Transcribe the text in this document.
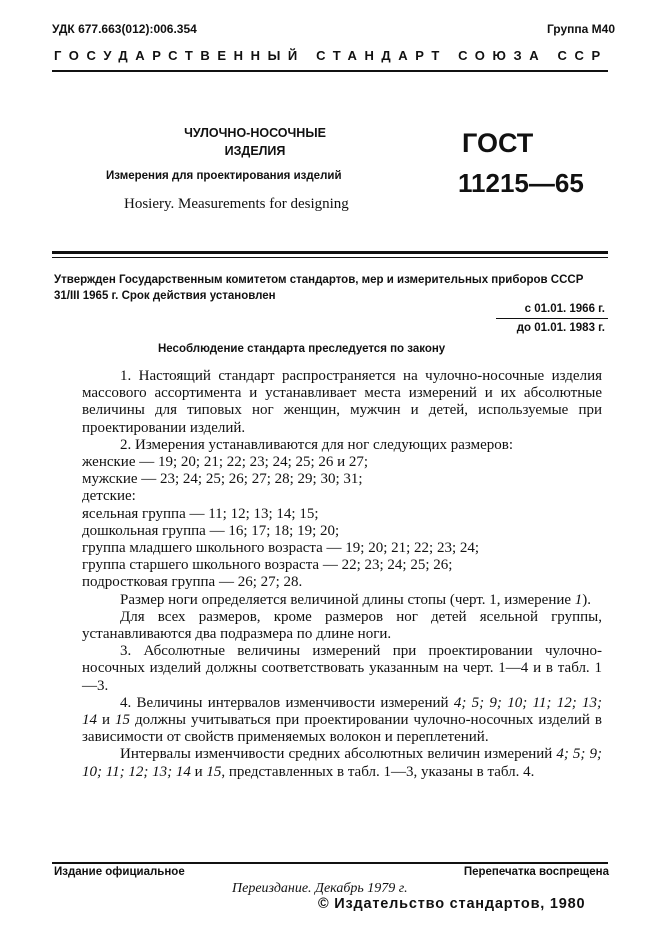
УДК 677.663(012):006.354	Группа М40
ГОСУДАРСТВЕННЫЙ СТАНДАРТ СОЮЗА ССР
ЧУЛОЧНО-НОСОЧНЫЕ
ИЗДЕЛИЯ
Измерения для проектирования изделий
Hosiery. Measurements for designing
ГОСТ
11215—65
Утвержден Государственным комитетом стандартов, мер и измерительных приборов СССР 31/III 1965 г. Срок действия установлен
с 01.01. 1966 г.
до 01.01. 1983 г.
Несоблюдение стандарта преследуется по закону

1. Настоящий стандарт распространяется на чулочно-носочные изделия массового ассортимента и устанавливает места измерений и их абсолютные величины для типовых ног женщин, мужчин и детей, используемые при проектировании изделий.

2. Измерения устанавливаются для ног следующих размеров:

женские — 19; 20; 21; 22; 23; 24; 25; 26 и 27;

мужские — 23; 24; 25; 26; 27; 28; 29; 30; 31;

детские:

ясельная группа — 11; 12; 13; 14; 15;

дошкольная группа — 16; 17; 18; 19; 20;

группа младшего школьного возраста — 19; 20; 21; 22; 23; 24;

группа старшего школьного возраста — 22; 23; 24; 25; 26;

подростковая группа — 26; 27; 28.

Размер ноги определяется величиной длины стопы (черт. 1, измерение 1).

Для всех размеров, кроме размеров ног детей ясельной группы, устанавливаются два подразмера по длине ноги.

3. Абсолютные величины измерений при проектировании чулочно-носочных изделий должны соответствовать указанным на черт. 1—4 и в табл. 1—3.

4. Величины интервалов изменчивости измерений 4; 5; 9; 10; 11; 12; 13; 14 и 15 должны учитываться при проектировании чулочно-носочных изделий в зависимости от свойств применяемых волокон и переплетений.

Интервалы изменчивости средних абсолютных величин измерений 4; 5; 9; 10; 11; 12; 13; 14 и 15, представленных в табл. 1—3, указаны в табл. 4.

Издание официальное	Перепечатка воспрещена
Переиздание. Декабрь 1979 г.
© Издательство стандартов, 1980
